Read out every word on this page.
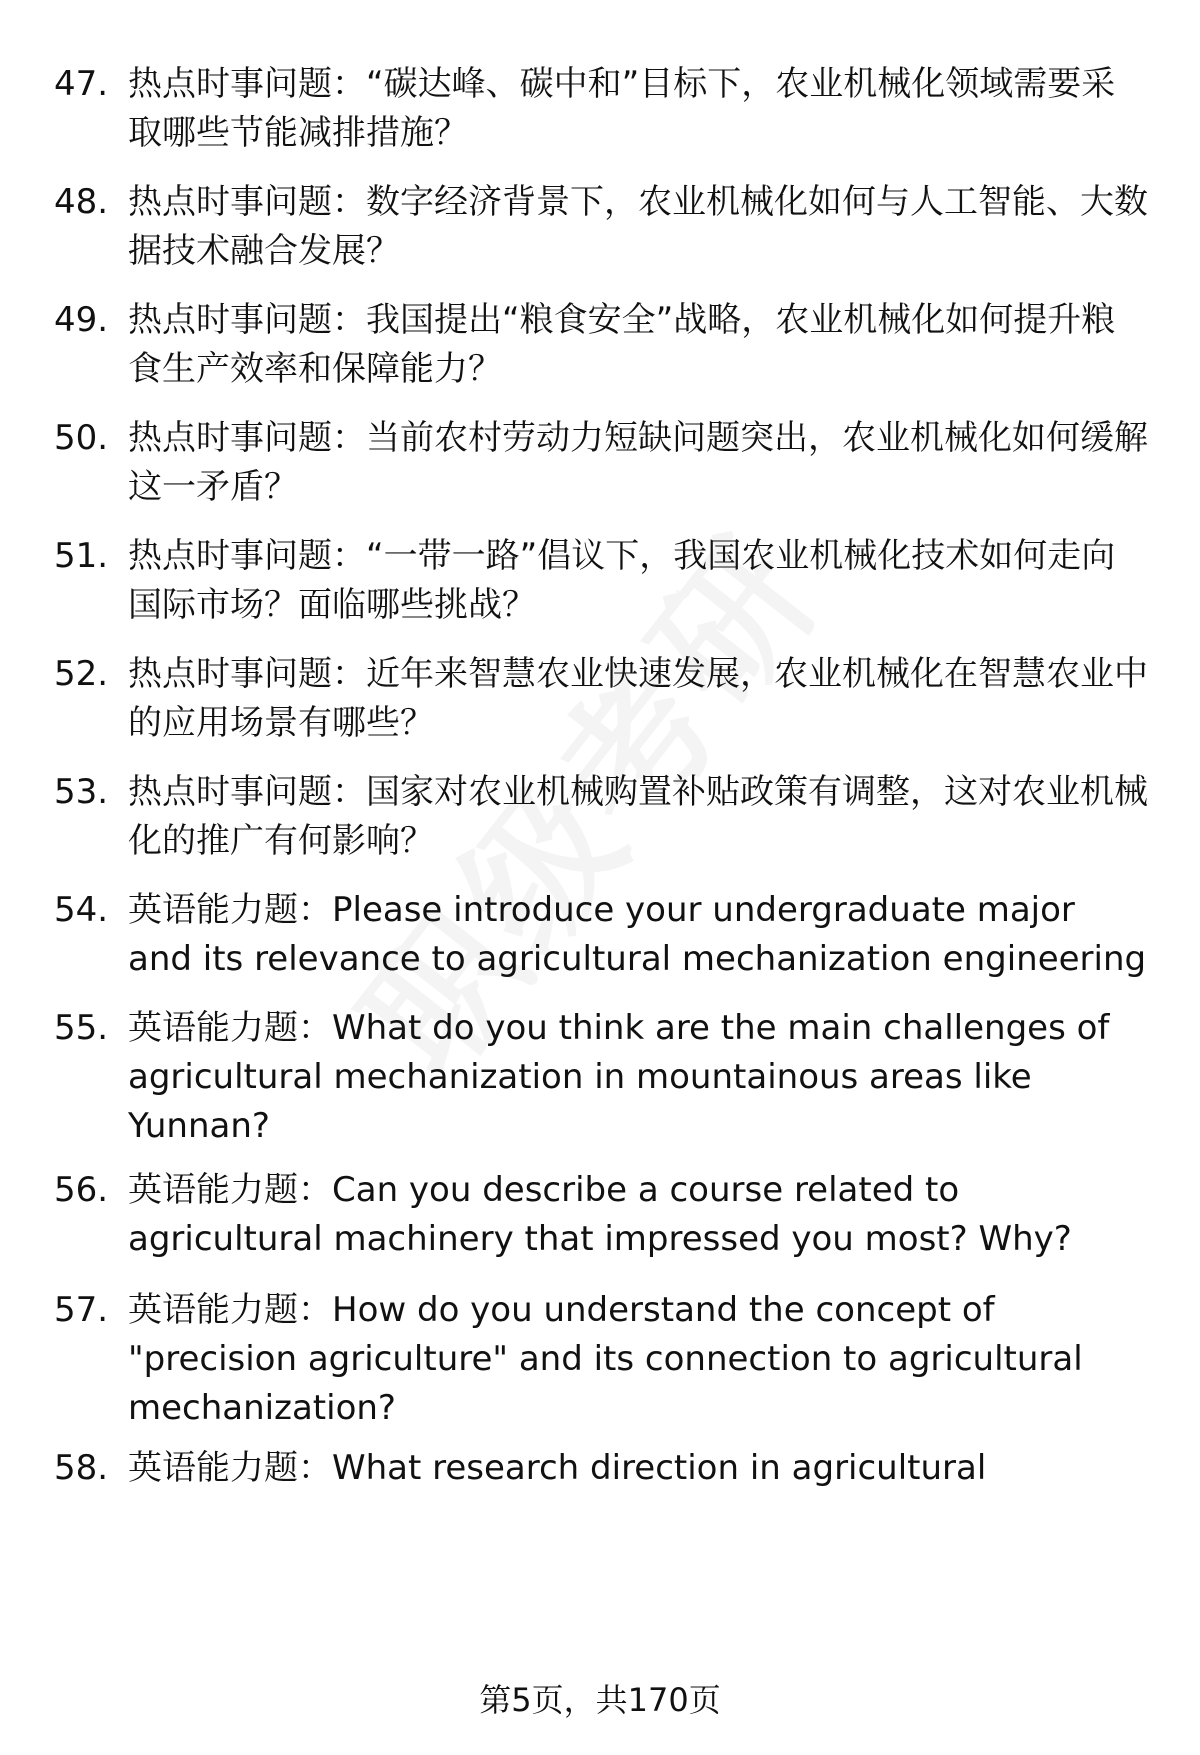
47. 热点时事问题：“碳达峰、碳中和”目标下，农业机械化领域需要采取哪些节能减排措施？
48. 热点时事问题：数字经济背景下，农业机械化如何与人工智能、大数据技术融合发展？
49. 热点时事问题：我国提出“粮食安全”战略，农业机械化如何提升粮食生产效率和保障能力？
50. 热点时事问题：当前农村劳动力短缺问题突出，农业机械化如何缓解这一矛盾？
51. 热点时事问题：“一带一路”倡议下，我国农业机械化技术如何走向国际市场？面临哪些挑战？
52. 热点时事问题：近年来智慧农业快速发展，农业机械化在智慧农业中的应用场景有哪些？
53. 热点时事问题：国家对农业机械购置补贴政策有调整，这对农业机械化的推广有何影响？
54. 英语能力题：Please introduce your undergraduate major and its relevance to agricultural mechanization engineering
55. 英语能力题：What do you think are the main challenges of agricultural mechanization in mountainous areas like Yunnan?
56. 英语能力题：Can you describe a course related to agricultural machinery that impressed you most? Why?
57. 英语能力题：How do you understand the concept of "precision agriculture" and its connection to agricultural mechanization?
58. 英语能力题：What research direction in agricultural
第5页，共170页
